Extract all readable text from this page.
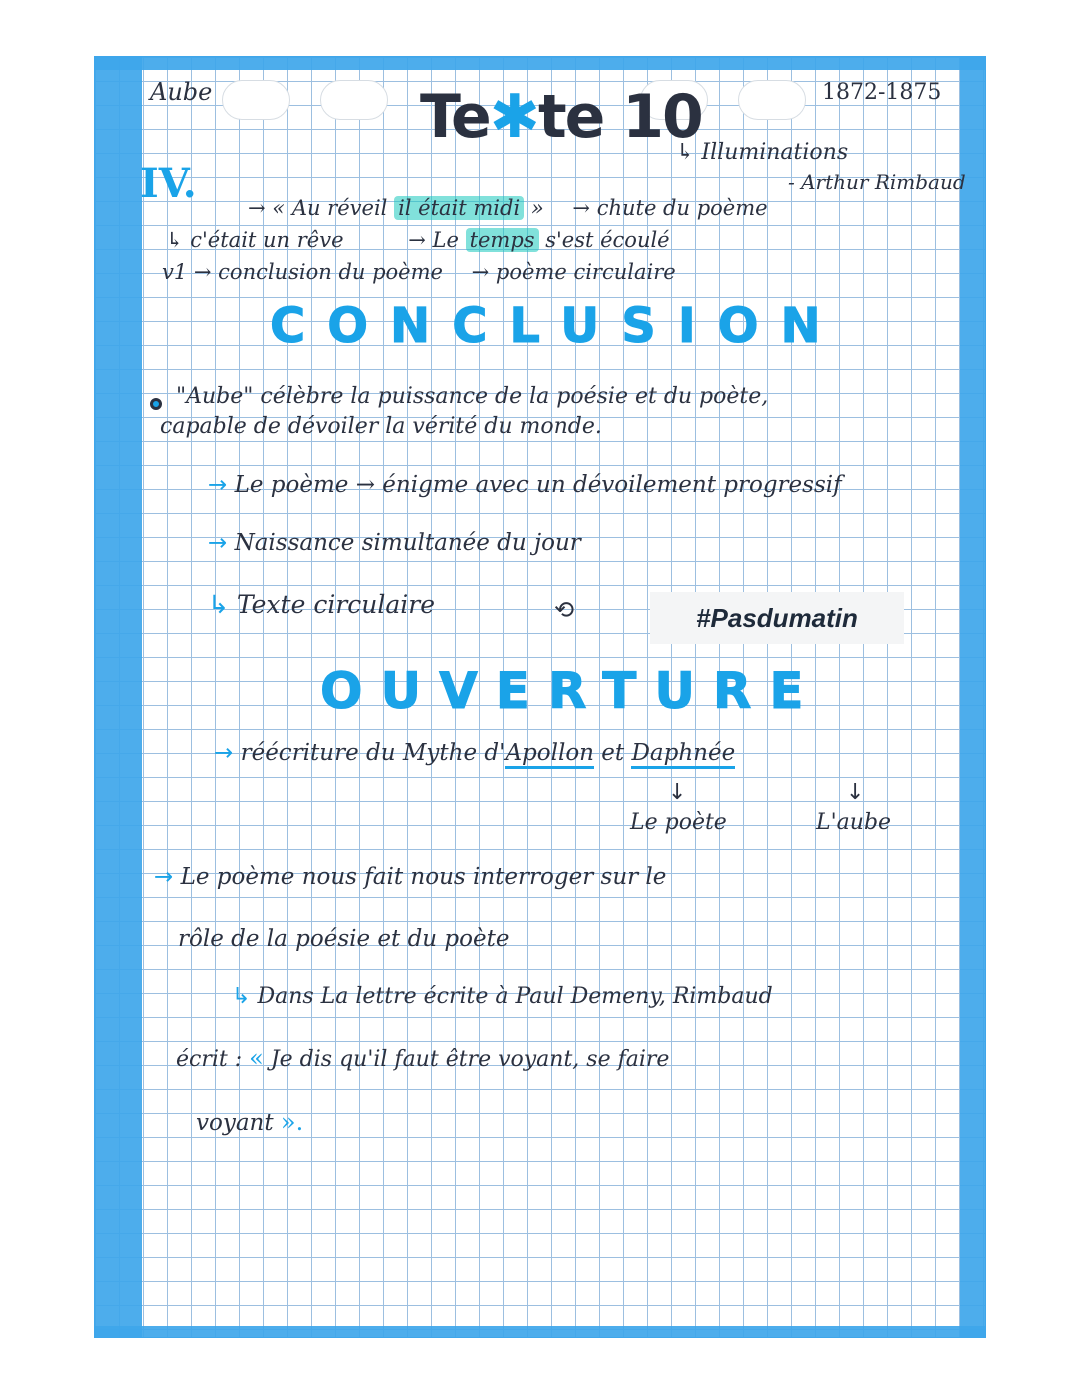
Aube	Te✱te 10	1872-1875
↳ Illuminations
- Arthur Rimbaud
IV.
→ « Au réveil il était midi » → chute du poème
↳ c'était un rêve	→ Le temps s'est écoulé
v1 → conclusion du poème → poème circulaire
CONCLUSION
"Aube" célèbre la puissance de la poésie et du poète,
capable de dévoiler la vérité du monde.
→ Le poème → énigme avec un dévoilement progressif
→ Naissance simultanée du jour
↳ Texte circulaire	⟲	#Pasdumatin
OUVERTURE
→ réécriture du Mythe d'Apollon et Daphnée
↓	↓
Le poète	L'aube
→ Le poème nous fait nous interroger sur le
rôle de la poésie et du poète
↳ Dans La lettre écrite à Paul Demeny, Rimbaud
écrit : « Je dis qu'il faut être voyant, se faire
voyant ».
